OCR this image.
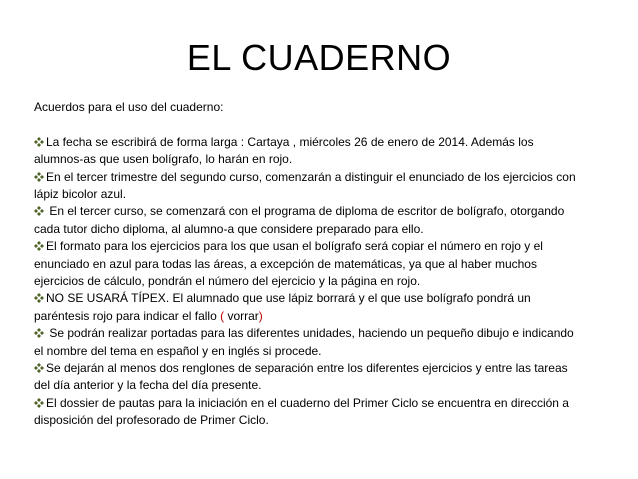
EL CUADERNO

Acuerdos para el uso del cuaderno:

La fecha se escribirá de forma larga : Cartaya , miércoles 26 de enero de 2014. Además los alumnos-as que usen bolígrafo, lo harán en rojo.

En el tercer trimestre del segundo curso, comenzarán a distinguir el enunciado de los ejercicios con lápiz bicolor azul.

En el tercer curso, se comenzará con el programa de diploma de escritor de bolígrafo, otorgando cada tutor dicho diploma, al alumno-a que considere preparado para ello.

El formato para los ejercicios para los que usan el bolígrafo será copiar el número en rojo y el enunciado en azul para todas las áreas, a excepción de matemáticas, ya que al haber muchos ejercicios de cálculo, pondrán el número del ejercicio y la página en rojo.

NO SE USARÁ TÍPEX. El alumnado que use lápiz borrará y el que use bolígrafo pondrá un paréntesis rojo para indicar el fallo ( vorrar)

Se podrán realizar portadas para las diferentes unidades, haciendo un pequeño dibujo e indicando el nombre del tema en español y en inglés si procede.

Se dejarán al menos dos renglones de separación entre los diferentes ejercicios y entre las tareas del día anterior y la fecha del día presente.

El dossier de pautas para la iniciación en el cuaderno del Primer Ciclo se encuentra en dirección a disposición del profesorado de Primer Ciclo.
